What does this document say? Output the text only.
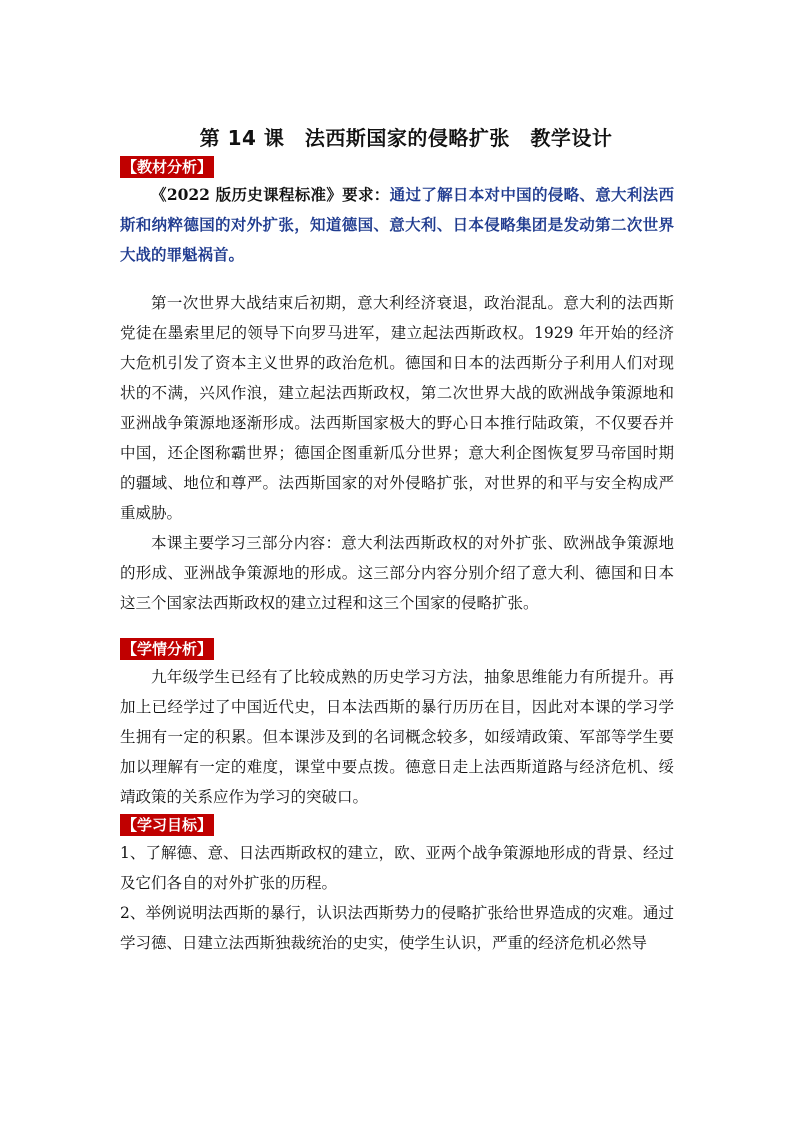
第 14 课　法西斯国家的侵略扩张　教学设计
【教材分析】

《2022 版历史课程标准》要求：通过了解日本对中国的侵略、意大利法西斯和纳粹德国的对外扩张，知道德国、意大利、日本侵略集团是发动第二次世界大战的罪魁祸首。

第一次世界大战结束后初期，意大利经济衰退，政治混乱。意大利的法西斯党徒在墨索里尼的领导下向罗马进军，建立起法西斯政权。1929 年开始的经济大危机引发了资本主义世界的政治危机。德国和日本的法西斯分子利用人们对现状的不满，兴风作浪，建立起法西斯政权，第二次世界大战的欧洲战争策源地和亚洲战争策源地逐渐形成。法西斯国家极大的野心日本推行陆政策，不仅要吞并中国，还企图称霸世界；德国企图重新瓜分世界；意大利企图恢复罗马帝国时期的疆域、地位和尊严。法西斯国家的对外侵略扩张，对世界的和平与安全构成严重威胁。

本课主要学习三部分内容：意大利法西斯政权的对外扩张、欧洲战争策源地的形成、亚洲战争策源地的形成。这三部分内容分别介绍了意大利、德国和日本这三个国家法西斯政权的建立过程和这三个国家的侵略扩张。

【学情分析】

九年级学生已经有了比较成熟的历史学习方法，抽象思维能力有所提升。再加上已经学过了中国近代史，日本法西斯的暴行历历在目，因此对本课的学习学生拥有一定的积累。但本课涉及到的名词概念较多，如绥靖政策、军部等学生要加以理解有一定的难度，课堂中要点拨。德意日走上法西斯道路与经济危机、绥靖政策的关系应作为学习的突破口。

【学习目标】

1、了解德、意、日法西斯政权的建立，欧、亚两个战争策源地形成的背景、经过及它们各自的对外扩张的历程。

2、举例说明法西斯的暴行，认识法西斯势力的侵略扩张给世界造成的灾难。通过学习德、日建立法西斯独裁统治的史实，使学生认识，严重的经济危机必然导
